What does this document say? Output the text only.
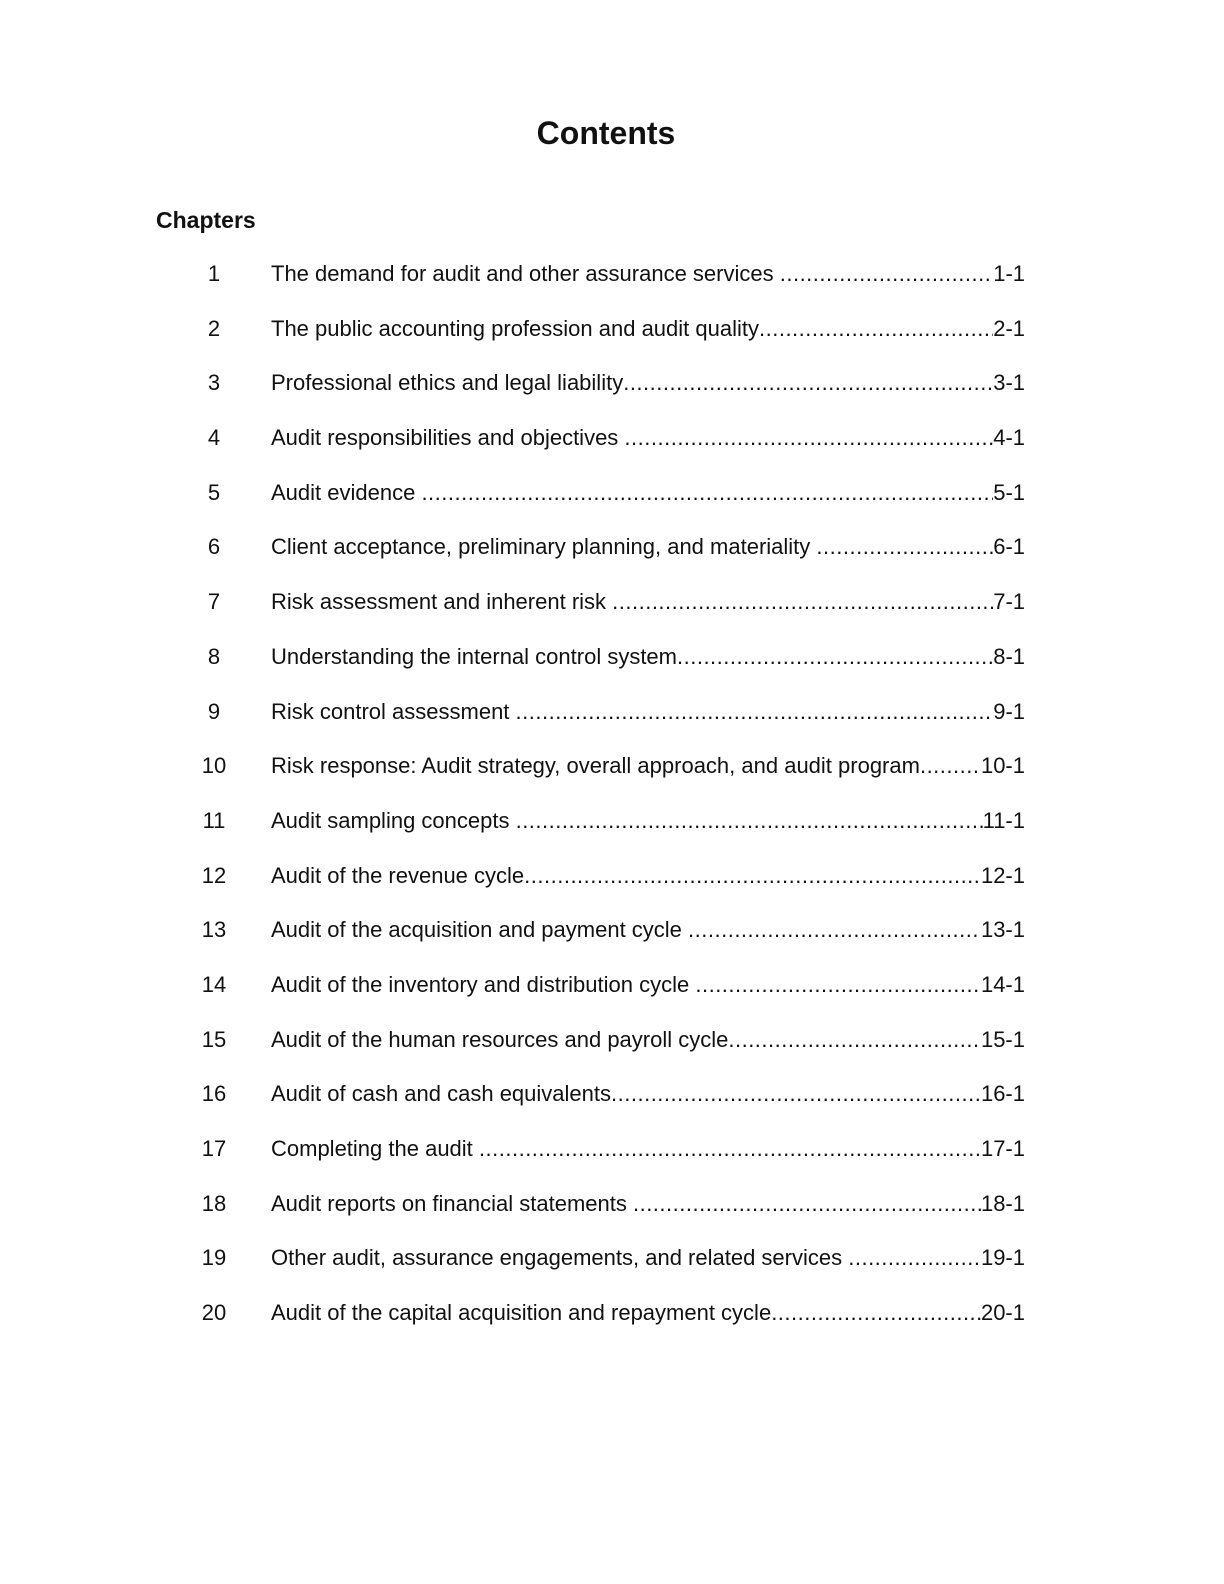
Contents
Chapters
1	The demand for audit and other assurance services .....	1-1
2	The public accounting profession and audit quality .....	2-1
3	Professional ethics and legal liability .....	3-1
4	Audit responsibilities and objectives .....	4-1
5	Audit evidence .....	5-1
6	Client acceptance, preliminary planning, and materiality .....	6-1
7	Risk assessment and inherent risk .....	7-1
8	Understanding the internal control system .....	8-1
9	Risk control assessment .....	9-1
10	Risk response: Audit strategy, overall approach, and audit program .....	10-1
11	Audit sampling concepts .....	11-1
12	Audit of the revenue cycle .....	12-1
13	Audit of the acquisition and payment cycle .....	13-1
14	Audit of the inventory and distribution cycle .....	14-1
15	Audit of the human resources and payroll cycle .....	15-1
16	Audit of cash and cash equivalents .....	16-1
17	Completing the audit .....	17-1
18	Audit reports on financial statements .....	18-1
19	Other audit, assurance engagements, and related services .....	19-1
20	Audit of the capital acquisition and repayment cycle .....	20-1
